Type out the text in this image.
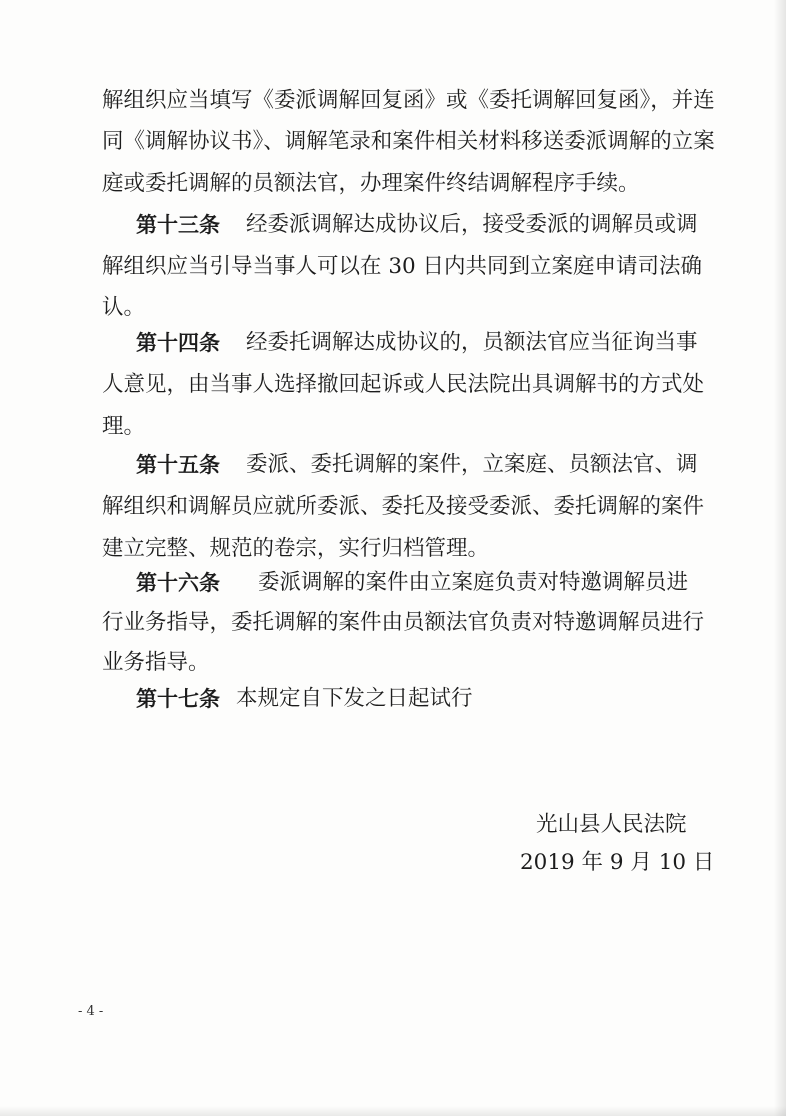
解组织应当填写《委派调解回复函》或《委托调解回复函》，并连
同《调解协议书》、调解笔录和案件相关材料移送委派调解的立案
庭或委托调解的员额法官，办理案件终结调解程序手续。
第十三条 经委派调解达成协议后，接受委派的调解员或调
解组织应当引导当事人可以在 30 日内共同到立案庭申请司法确
认。
第十四条 经委托调解达成协议的，员额法官应当征询当事
人意见，由当事人选择撤回起诉或人民法院出具调解书的方式处
理。
第十五条 委派、委托调解的案件，立案庭、员额法官、调
解组织和调解员应就所委派、委托及接受委派、委托调解的案件
建立完整、规范的卷宗，实行归档管理。
第十六条 委派调解的案件由立案庭负责对特邀调解员进
行业务指导，委托调解的案件由员额法官负责对特邀调解员进行
业务指导。
第十七条 本规定自下发之日起试行
光山县人民法院
2019 年 9 月 10 日
- 4 -
